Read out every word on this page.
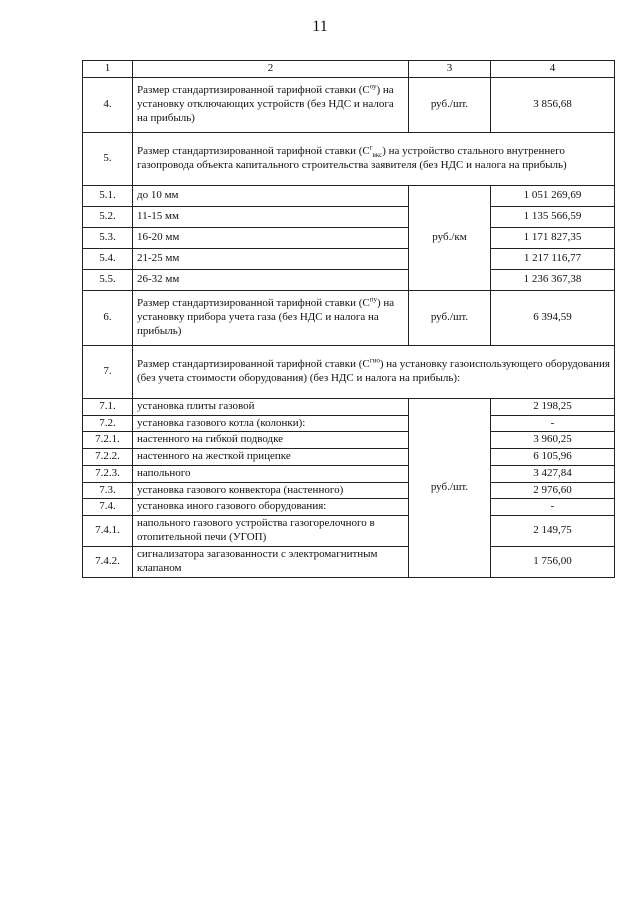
11
1	2	3	4
4.	Размер стандартизированной тарифной ставки $(С^{оу})$ на установку отключающих устройств (без НДС и налога на прибыль)	руб./шт.	3 856,68
5.	Размер стандартизированной тарифной ставки $(С^г_{вкс})$ на устройство стального внутреннего газопровода объекта капитального строительства заявителя (без НДС и налога на прибыль)		
5.1.	до 10 мм	руб./км	1 051 269,69
5.2.	11-15 мм		1 135 566,59
5.3.	16-20 мм		1 171 827,35
5.4.	21-25 мм		1 217 116,77
5.5.	26-32 мм		1 236 367,38
6.	Размер стандартизированной тарифной ставки $(С^{пу})$ на установку прибора учета газа (без НДС и налога на прибыль)	руб./шт.	6 394,59
7.	Размер стандартизированной тарифной ставки $(С^{гио})$ на установку газоиспользующего оборудования (без учета стоимости оборудования) (без НДС и налога на прибыль):		
7.1.	установка плиты газовой	руб./шт.	2 198,25
7.2.	установка газового котла (колонки):		-
7.2.1.	настенного на гибкой подводке		3 960,25
7.2.2.	настенного на жесткой прицепке		6 105,96
7.2.3.	напольного		3 427,84
7.3.	установка газового конвектора (настенного)		2 976,60
7.4.	установка иного газового оборудования:		-
7.4.1.	напольного газового устройства газогорелочного в отопительной печи (УГОП)		2 149,75
7.4.2.	сигнализатора загазованности с электромагнитным клапаном		1 756,00
